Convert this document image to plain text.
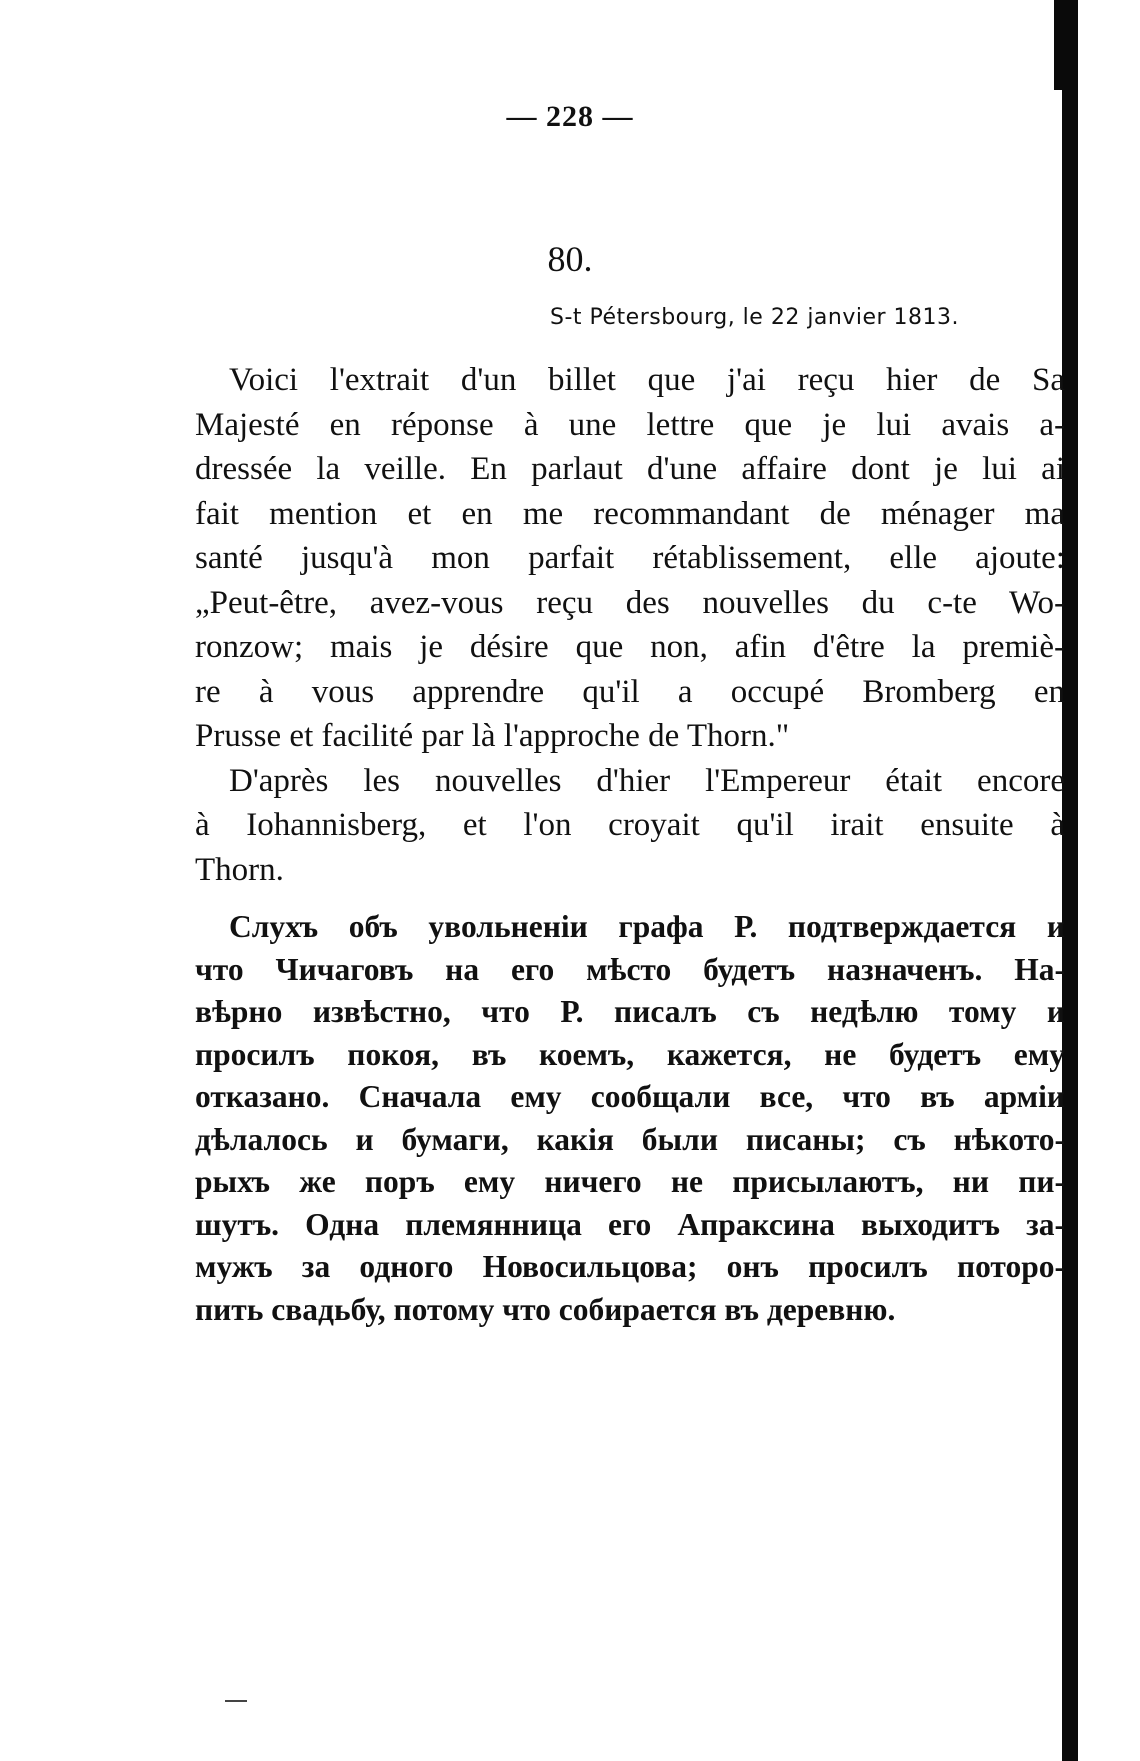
— 228 —
80.
S-t Pétersbourg, le 22 janvier 1813.
Voici l'extrait d'un billet que j'ai reçu hier de Sa
Majesté en réponse à une lettre que je lui avais a-
dressée la veille. En parlaut d'une affaire dont je lui ai
fait mention et en me recommandant de ménager ma
santé jusqu'à mon parfait rétablissement, elle ajoute:
„Peut-être, avez-vous reçu des nouvelles du c-te Wo-
ronzow; mais je désire que non, afin d'être la premiè-
re à vous apprendre qu'il a occupé Bromberg en
Prusse et facilité par là l'approche de Thorn."
D'après les nouvelles d'hier l'Empereur était encore
à Iohannisberg, et l'on croyait qu'il irait ensuite à
Thorn.
Слухъ объ увольненіи графа Р. подтверждается и
что Чичаговъ на его мѣсто будетъ назначенъ. На-
вѣрно извѣстно, что Р. писалъ съ недѣлю тому и
просилъ покоя, въ коемъ, кажется, не будетъ ему
отказано. Сначала ему сообщали все, что въ арміи
дѣлалось и бумаги, какія были писаны; съ нѣкото-
рыхъ же поръ ему ничего не присылаютъ, ни пи-
шутъ. Одна племянница его Апраксина выходитъ за-
мужъ за одного Новосильцова; онъ просилъ поторо-
пить свадьбу, потому что собирается въ деревню.
